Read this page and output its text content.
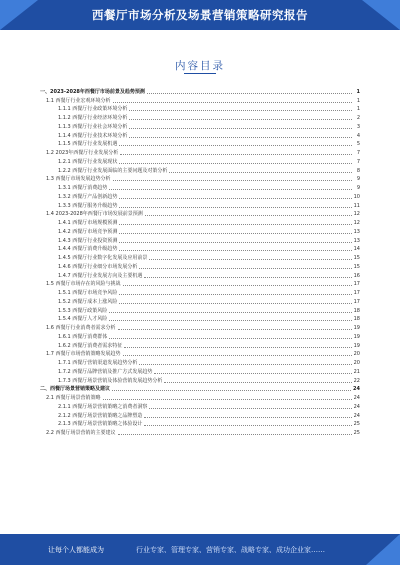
西餐厅市场分析及场景营销策略研究报告
内容目录
一、2023-2028年西餐厅市场前景及趋势预测	1
1.1 西餐厅行业宏观环境分析	1
1.1.1 西餐厅行业政策环境分析	1
1.1.2 西餐厅行业经济环境分析	2
1.1.3 西餐厅行业社会环境分析	3
1.1.4 西餐厅行业技术环境分析	4
1.1.5 西餐厅行业发展机遇	5
1.2 2023年西餐厅行业发展分析	7
1.2.1 西餐厅行业发展现状	7
1.2.2 西餐厅行业发展面临的主要问题及对策分析	8
1.3 西餐厅市场发展趋势分析	9
1.3.1 西餐厅消费趋势	9
1.3.2 西餐厅产品创新趋势	10
1.3.3 西餐厅服务升级趋势	11
1.4 2023-2028年西餐厅市场发展前景预测	12
1.4.1 西餐厅市场规模预测	12
1.4.2 西餐厅市场竞争预测	13
1.4.3 西餐厅行业投资预测	13
1.4.4 西餐厅消费升级趋势	14
1.4.5 西餐厅行业数字化发展及应用前景	15
1.4.6 西餐厅行业细分市场发展分析	15
1.4.7 西餐厅行业发展方向及主要机遇	16
1.5 西餐厅市场存在的风险与挑战	17
1.5.1 西餐厅市场竞争风险	17
1.5.2 西餐厅成本上涨风险	17
1.5.3 西餐厅政策风险	18
1.5.4 西餐厅人才风险	18
1.6 西餐厅行业消费者需求分析	19
1.6.1 西餐厅消费群体	19
1.6.2 西餐厅消费者需求特征	19
1.7 西餐厅市场营销策略发展趋势	20
1.7.1 西餐厅营销渠道发展趋势分析	20
1.7.2 西餐厅品牌营销及推广方式发展趋势	21
1.7.3 西餐厅场景营销及体验营销发展趋势分析	22
二、西餐厅场景营销策略及建议	24
2.1 西餐厅场景营销策略	24
2.1.1 西餐厅场景营销策略之消费者洞察	24
2.1.2 西餐厅场景营销策略之品牌塑造	24
2.1.3 西餐厅场景营销策略之体验设计	25
2.2 西餐厅场景营销的主要建议	25
让每个人都能成为	行业专家、管理专家、营销专家、战略专家、成功企业家……
